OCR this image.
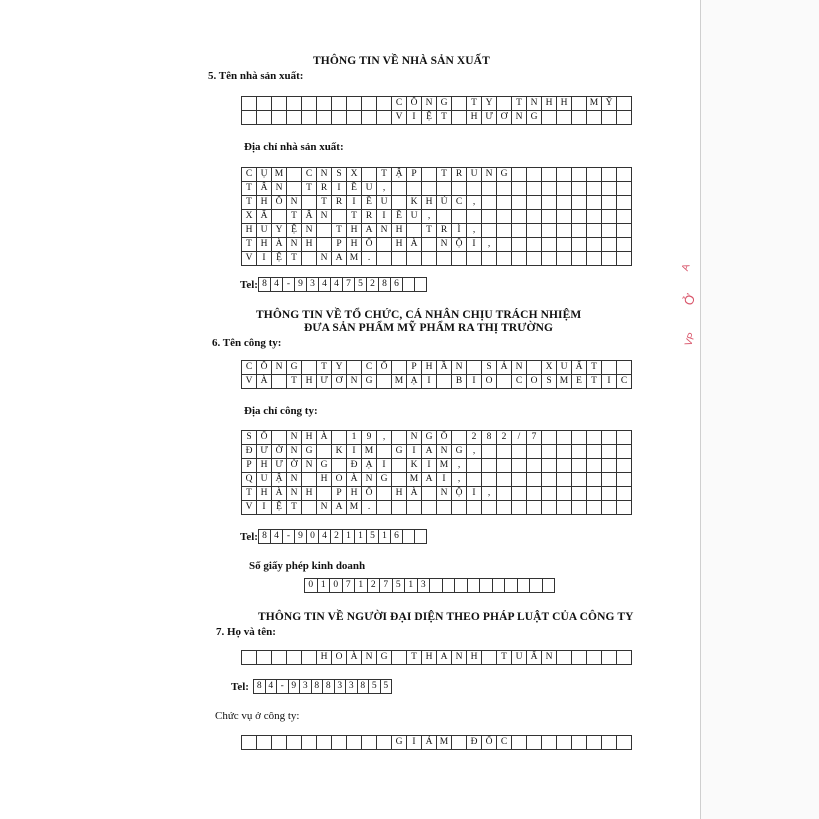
THÔNG TIN VỀ NHÀ SẢN XUẤT
5. Tên nhà sản xuất:
C Ô N G	T Y	T N H H	M Ỹ
V	I	Ệ T	H Ư Ơ N G
Địa chỉ nhà sản xuất:
C Ụ M	C N S X	T Ậ P	T R U N G
T Â N	T R	I	Ề U	,
T H Ô N	T R	I	Ề U	K H Ú C	,
X Ã	T Â N	T R	I	Ề U	,
H U Y Ệ N	T H A N H	T R	Ì	,
T H À N H	P H Ố	H À	N Ộ	I	,
V	I	Ệ T	N A M	.
Tel: 8 4 - 9 3 4 4 7 5 2 8 6
THÔNG TIN VỀ TỔ CHỨC, CÁ NHÂN CHỊU TRÁCH NHIỆM
ĐƯA SẢN PHẨM MỸ PHẨM RA THỊ TRƯỜNG
6. Tên công ty:
C Ô N G	T Y	C Ổ	P H Ầ N	S Ả N	X U Ấ T
V À	T H Ư Ơ N G	M Ạ	I	B	I	O	C O S M E T	I	C
Địa chỉ công ty:
S Ố	N H À	1	9	,	N G Õ	2	8	2	/	7
Đ Ư Ờ N G	K	I M	G	I	A N G	,
P H Ư Ờ N G	Đ Ạ	I	K	I M	,
Q U Ậ N	H O À N G	M A	I	,
T H À N H	P H Ố	H À	N Ộ	I	,
V	I	Ệ T	N A M	.
Tel: 8 4 - 9 0 4 2 1 1 5 1 6
Số giấy phép kinh doanh
0 1 0 7 1 2 7 5 1 3
THÔNG TIN VỀ NGƯỜI ĐẠI DIỆN THEO PHÁP LUẬT CỦA CÔNG TY
7. Họ và tên:
H O À N G	T H A N H	T U Ấ N
Tel: 8 4 - 9 3 8 8 3 3 8 5 5
Chức vụ ở công ty:
G	I	Á M	Đ Ố C
A
Ở
VP
